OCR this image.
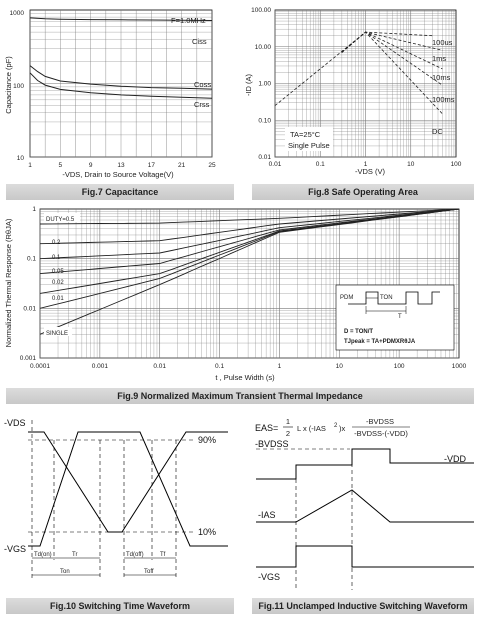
10
100
1000
1	5	9	13	17	21	25
-VDS, Drain to Source Voltage(V)
Capacitance (pF)
F=1.0MHz
Ciss
Coss
Crss
Fig.7 Capacitance
0.01
0.10
1.00
10.00
100.00
0.01	0.1	1	10	100
-VDS (V)
-ID (A)
100us
1ms
10ms
100ms
DC
TA=25°C
Single Pulse
Fig.8 Safe Operating Area
0.001
0.01
0.1
1
0.0001	0.001	0.01	0.1	1	10	100	1000
t , Pulse Width (s)
Normalized Thermal Response (RθJA)	DUTY=0.5
0.2
0.1
0.05
0.02
0.01
SINGLE
PDM	TON
T
D = TON/T
TJpeak = TA+PDMXRθJA
Fig.9 Normalized Maximum Transient Thermal Impedance
-VDS
-VGS
90%
10%
Td(on)	Tr
Ton
Td(off)	Tf
Toff
Fig.10 Switching Time Waveform
EAS=
1
2
L x (-IAS 2 )x
-BVDSS
-BVDSS-(-VDD)
-BVDSS
-VDD
-IAS
-VGS
Fig.11 Unclamped Inductive Switching Waveform
